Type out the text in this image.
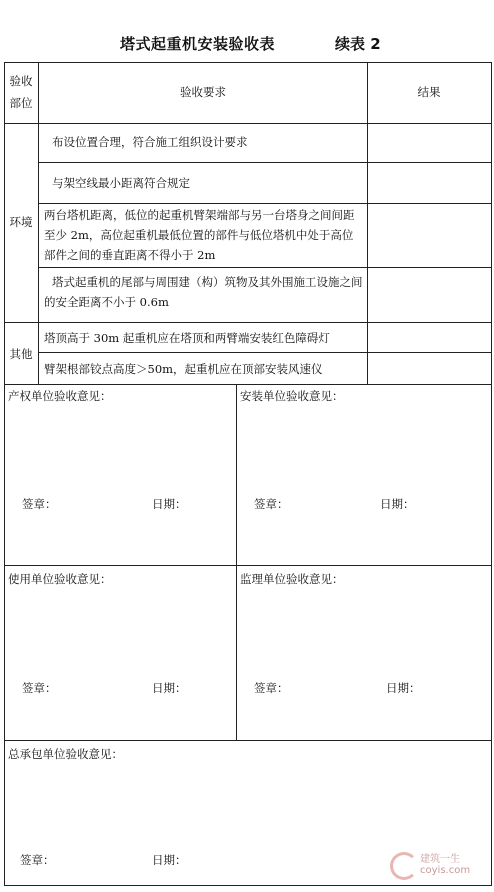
塔式起重机安装验收表	续表 2
验收
部位
验收要求	结果
环境
布设位置合理，符合施工组织设计要求
与架空线最小距离符合规定
两台塔机距离，低位的起重机臂架端部与另一台塔身之间间距至少 2m，高位起重机最低位置的部件与低位塔机中处于高位部件之间的垂直距离不得小于 2m
塔式起重机的尾部与周围建（构）筑物及其外围施工设施之间的安全距离不小于 0.6m
其他
塔顶高于 30m 起重机应在塔顶和两臂端安装红色障碍灯
臂架根部铰点高度＞50m，起重机应在顶部安装风速仪
产权单位验收意见：
签章：	日期：
安装单位验收意见：
签章：	日期：
使用单位验收意见：
签章：	日期：
监理单位验收意见：
签章：	日期：
总承包单位验收意见：
签章：	日期：	建筑一生
coyis.com
